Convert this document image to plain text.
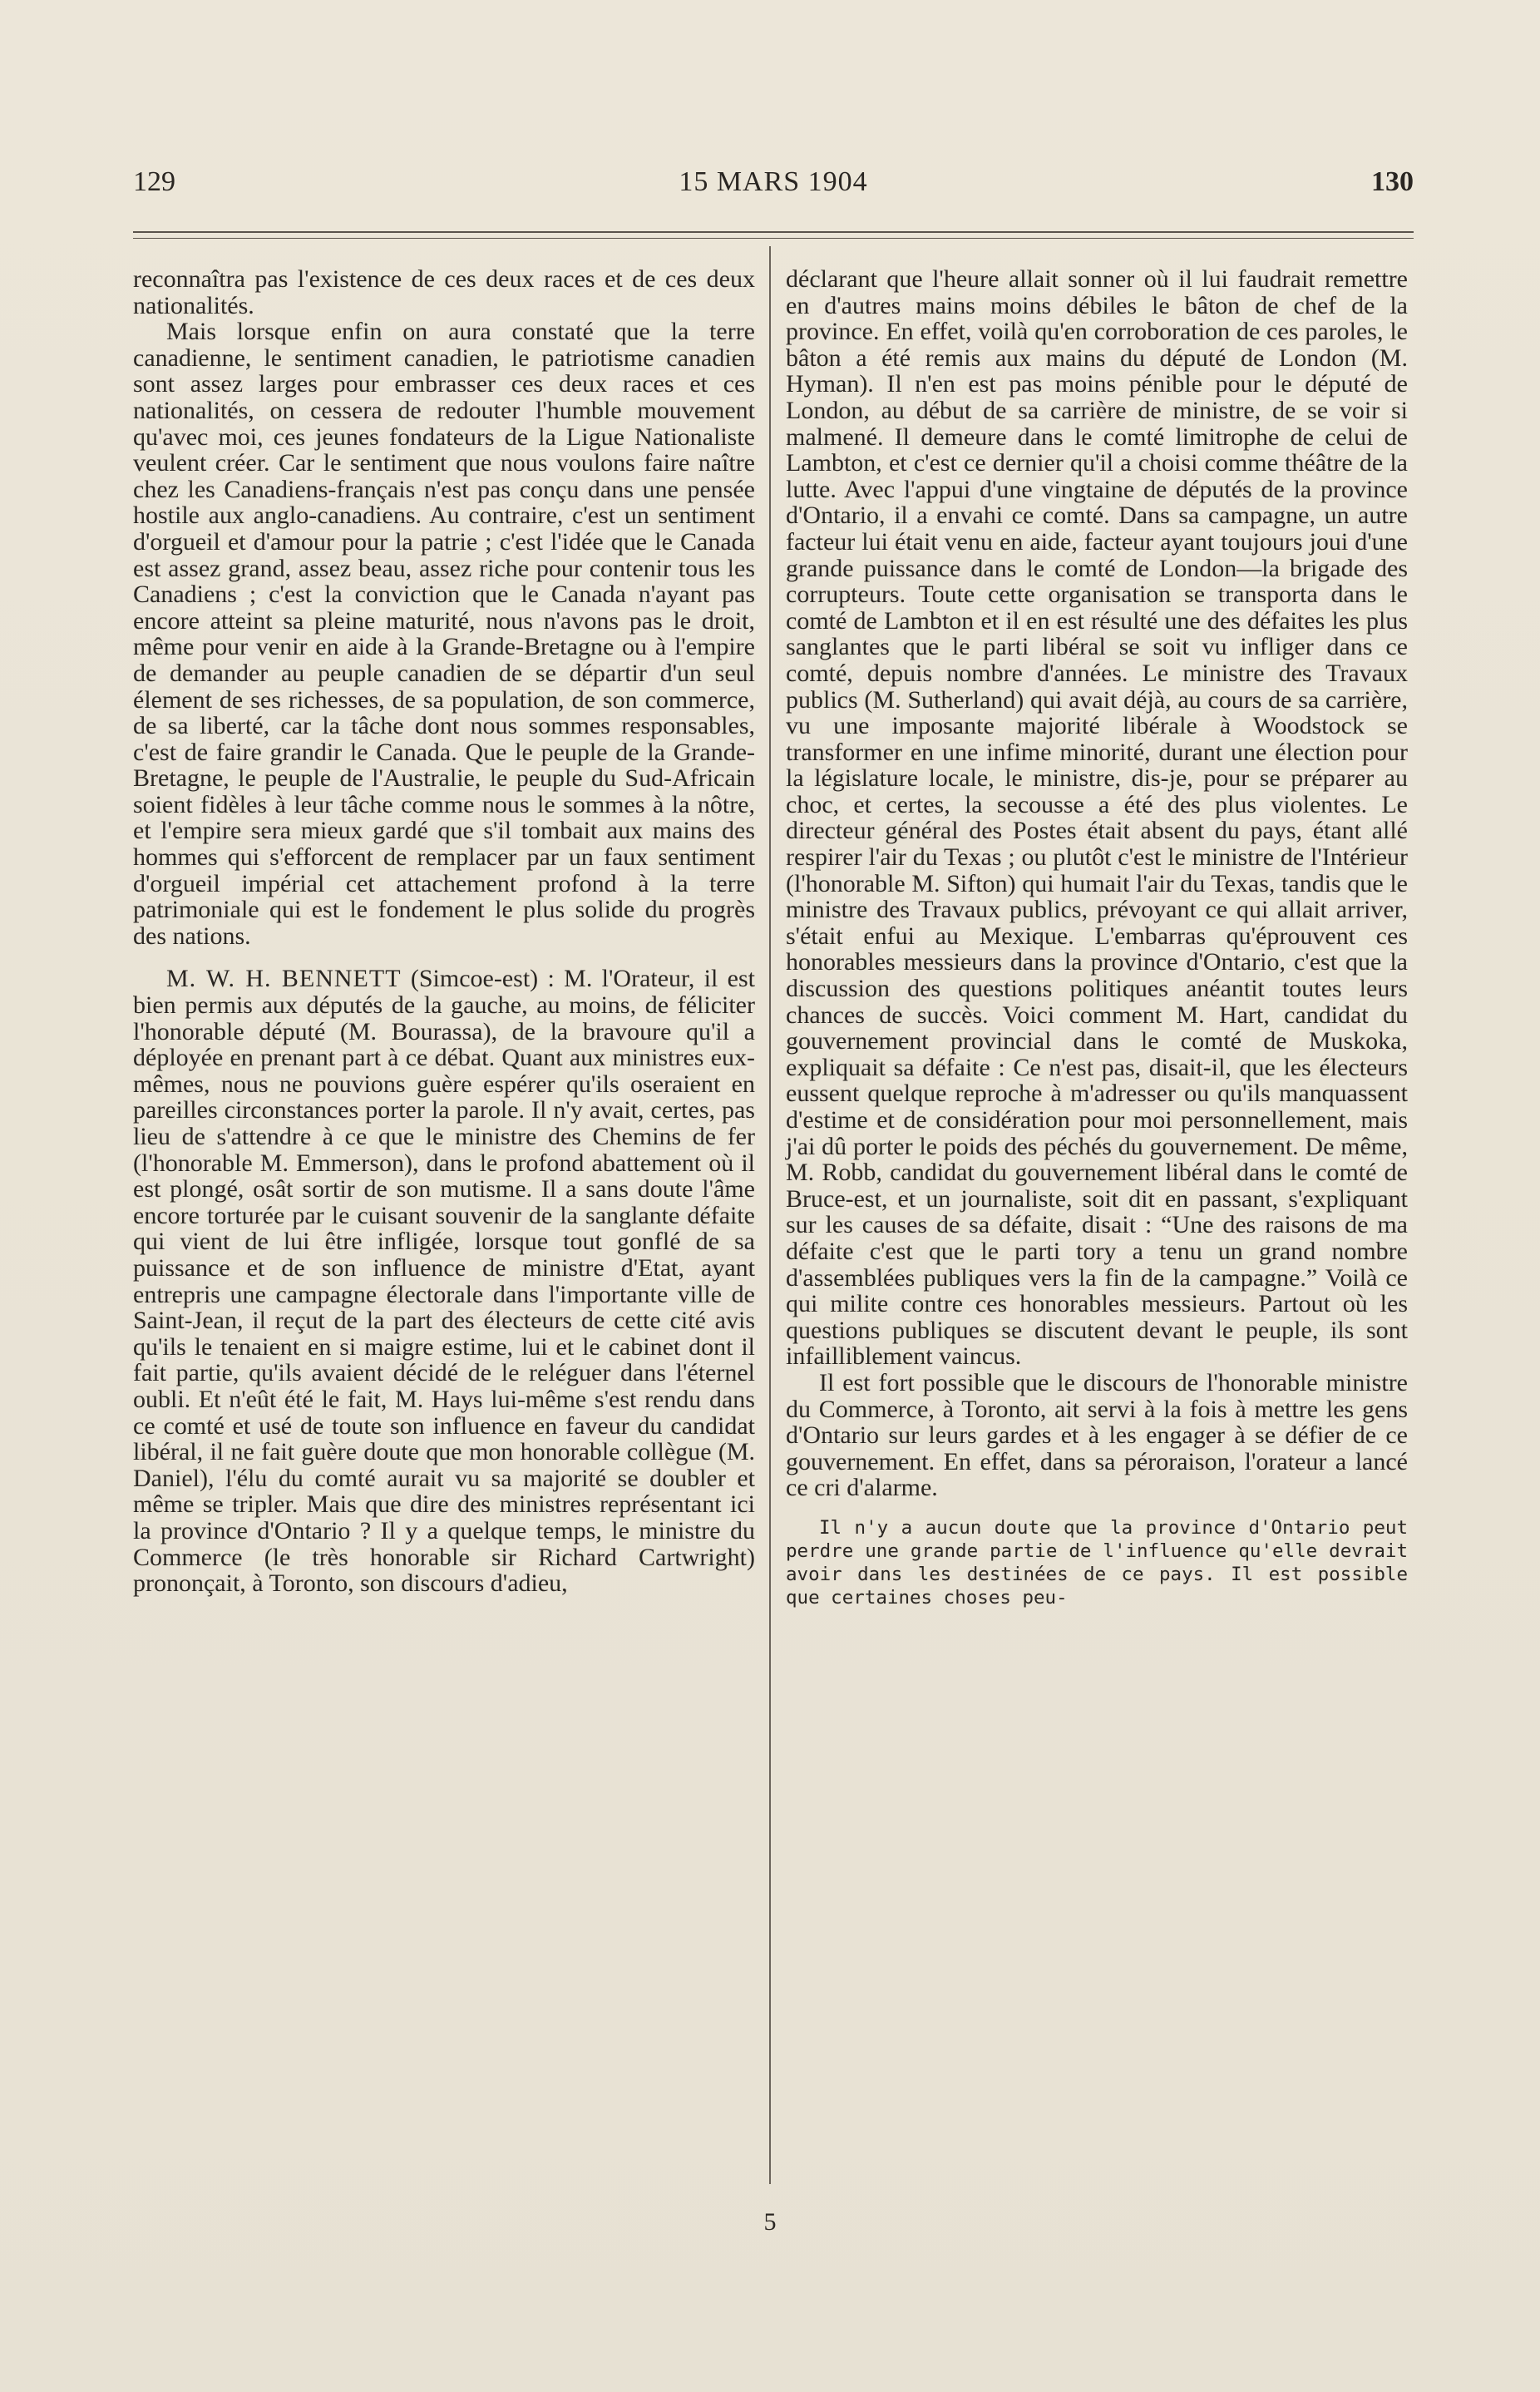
129	15 MARS 1904	130

reconnaîtra pas l'existence de ces deux races et de ces deux nationalités.

Mais lorsque enfin on aura constaté que la terre canadienne, le sentiment canadien, le patriotisme canadien sont assez larges pour embrasser ces deux races et ces nationalités, on cessera de redouter l'humble mouvement qu'avec moi, ces jeunes fondateurs de la Ligue Nationaliste veulent créer. Car le sentiment que nous voulons faire naître chez les Canadiens-français n'est pas conçu dans une pensée hostile aux anglo-canadiens. Au contraire, c'est un sentiment d'orgueil et d'amour pour la patrie ; c'est l'idée que le Canada est assez grand, assez beau, assez riche pour contenir tous les Canadiens ; c'est la conviction que le Canada n'ayant pas encore atteint sa pleine maturité, nous n'avons pas le droit, même pour venir en aide à la Grande-Bretagne ou à l'empire de demander au peuple canadien de se départir d'un seul élement de ses richesses, de sa population, de son commerce, de sa liberté, car la tâche dont nous sommes responsables, c'est de faire grandir le Canada. Que le peuple de la Grande-Bretagne, le peuple de l'Australie, le peuple du Sud-Africain soient fidèles à leur tâche comme nous le sommes à la nôtre, et l'empire sera mieux gardé que s'il tombait aux mains des hommes qui s'efforcent de remplacer par un faux sentiment d'orgueil impérial cet attachement profond à la terre patrimoniale qui est le fondement le plus solide du progrès des nations.

M. W. H. BENNETT (Simcoe-est) : M. l'Orateur, il est bien permis aux députés de la gauche, au moins, de féliciter l'honorable député (M. Bourassa), de la bravoure qu'il a déployée en prenant part à ce débat. Quant aux ministres eux-mêmes, nous ne pouvions guère espérer qu'ils oseraient en pareilles circonstances porter la parole. Il n'y avait, certes, pas lieu de s'attendre à ce que le ministre des Chemins de fer (l'honorable M. Emmerson), dans le profond abattement où il est plongé, osât sortir de son mutisme. Il a sans doute l'âme encore torturée par le cuisant souvenir de la sanglante défaite qui vient de lui être infligée, lorsque tout gonflé de sa puissance et de son influence de ministre d'Etat, ayant entrepris une campagne électorale dans l'importante ville de Saint-Jean, il reçut de la part des électeurs de cette cité avis qu'ils le tenaient en si maigre estime, lui et le cabinet dont il fait partie, qu'ils avaient décidé de le reléguer dans l'éternel oubli. Et n'eût été le fait, M. Hays lui-même s'est rendu dans ce comté et usé de toute son influence en faveur du candidat libéral, il ne fait guère doute que mon honorable collègue (M. Daniel), l'élu du comté aurait vu sa majorité se doubler et même se tripler. Mais que dire des ministres représentant ici la province d'Ontario ? Il y a quelque temps, le ministre du Commerce (le très honorable sir Richard Cartwright) prononçait, à Toronto, son discours d'adieu,

déclarant que l'heure allait sonner où il lui faudrait remettre en d'autres mains moins débiles le bâton de chef de la province. En effet, voilà qu'en corroboration de ces paroles, le bâton a été remis aux mains du député de London (M. Hyman). Il n'en est pas moins pénible pour le député de London, au début de sa carrière de ministre, de se voir si malmené. Il demeure dans le comté limitrophe de celui de Lambton, et c'est ce dernier qu'il a choisi comme théâtre de la lutte. Avec l'appui d'une vingtaine de députés de la province d'Ontario, il a envahi ce comté. Dans sa campagne, un autre facteur lui était venu en aide, facteur ayant toujours joui d'une grande puissance dans le comté de London—la brigade des corrupteurs. Toute cette organisation se transporta dans le comté de Lambton et il en est résulté une des défaites les plus sanglantes que le parti libéral se soit vu infliger dans ce comté, depuis nombre d'années. Le ministre des Travaux publics (M. Sutherland) qui avait déjà, au cours de sa carrière, vu une imposante majorité libérale à Woodstock se transformer en une infime minorité, durant une élection pour la législature locale, le ministre, dis-je, pour se préparer au choc, et certes, la secousse a été des plus violentes. Le directeur général des Postes était absent du pays, étant allé respirer l'air du Texas ; ou plutôt c'est le ministre de l'Intérieur (l'honorable M. Sifton) qui humait l'air du Texas, tandis que le ministre des Travaux publics, prévoyant ce qui allait arriver, s'était enfui au Mexique. L'embarras qu'éprouvent ces honorables messieurs dans la province d'Ontario, c'est que la discussion des questions politiques anéantit toutes leurs chances de succès. Voici comment M. Hart, candidat du gouvernement provincial dans le comté de Muskoka, expliquait sa défaite : Ce n'est pas, disait-il, que les électeurs eussent quelque reproche à m'adresser ou qu'ils manquassent d'estime et de considération pour moi personnellement, mais j'ai dû porter le poids des péchés du gouvernement. De même, M. Robb, candidat du gouvernement libéral dans le comté de Bruce-est, et un journaliste, soit dit en passant, s'expliquant sur les causes de sa défaite, disait : “Une des raisons de ma défaite c'est que le parti tory a tenu un grand nombre d'assemblées publiques vers la fin de la campagne.” Voilà ce qui milite contre ces honorables messieurs. Partout où les questions publiques se discutent devant le peuple, ils sont infailliblement vaincus.

Il est fort possible que le discours de l'honorable ministre du Commerce, à Toronto, ait servi à la fois à mettre les gens d'Ontario sur leurs gardes et à les engager à se défier de ce gouvernement. En effet, dans sa péroraison, l'orateur a lancé ce cri d'alarme.

Il n'y a aucun doute que la province d'Ontario peut perdre une grande partie de l'influence qu'elle devrait avoir dans les destinées de ce pays. Il est possible que certaines choses peu-

5
